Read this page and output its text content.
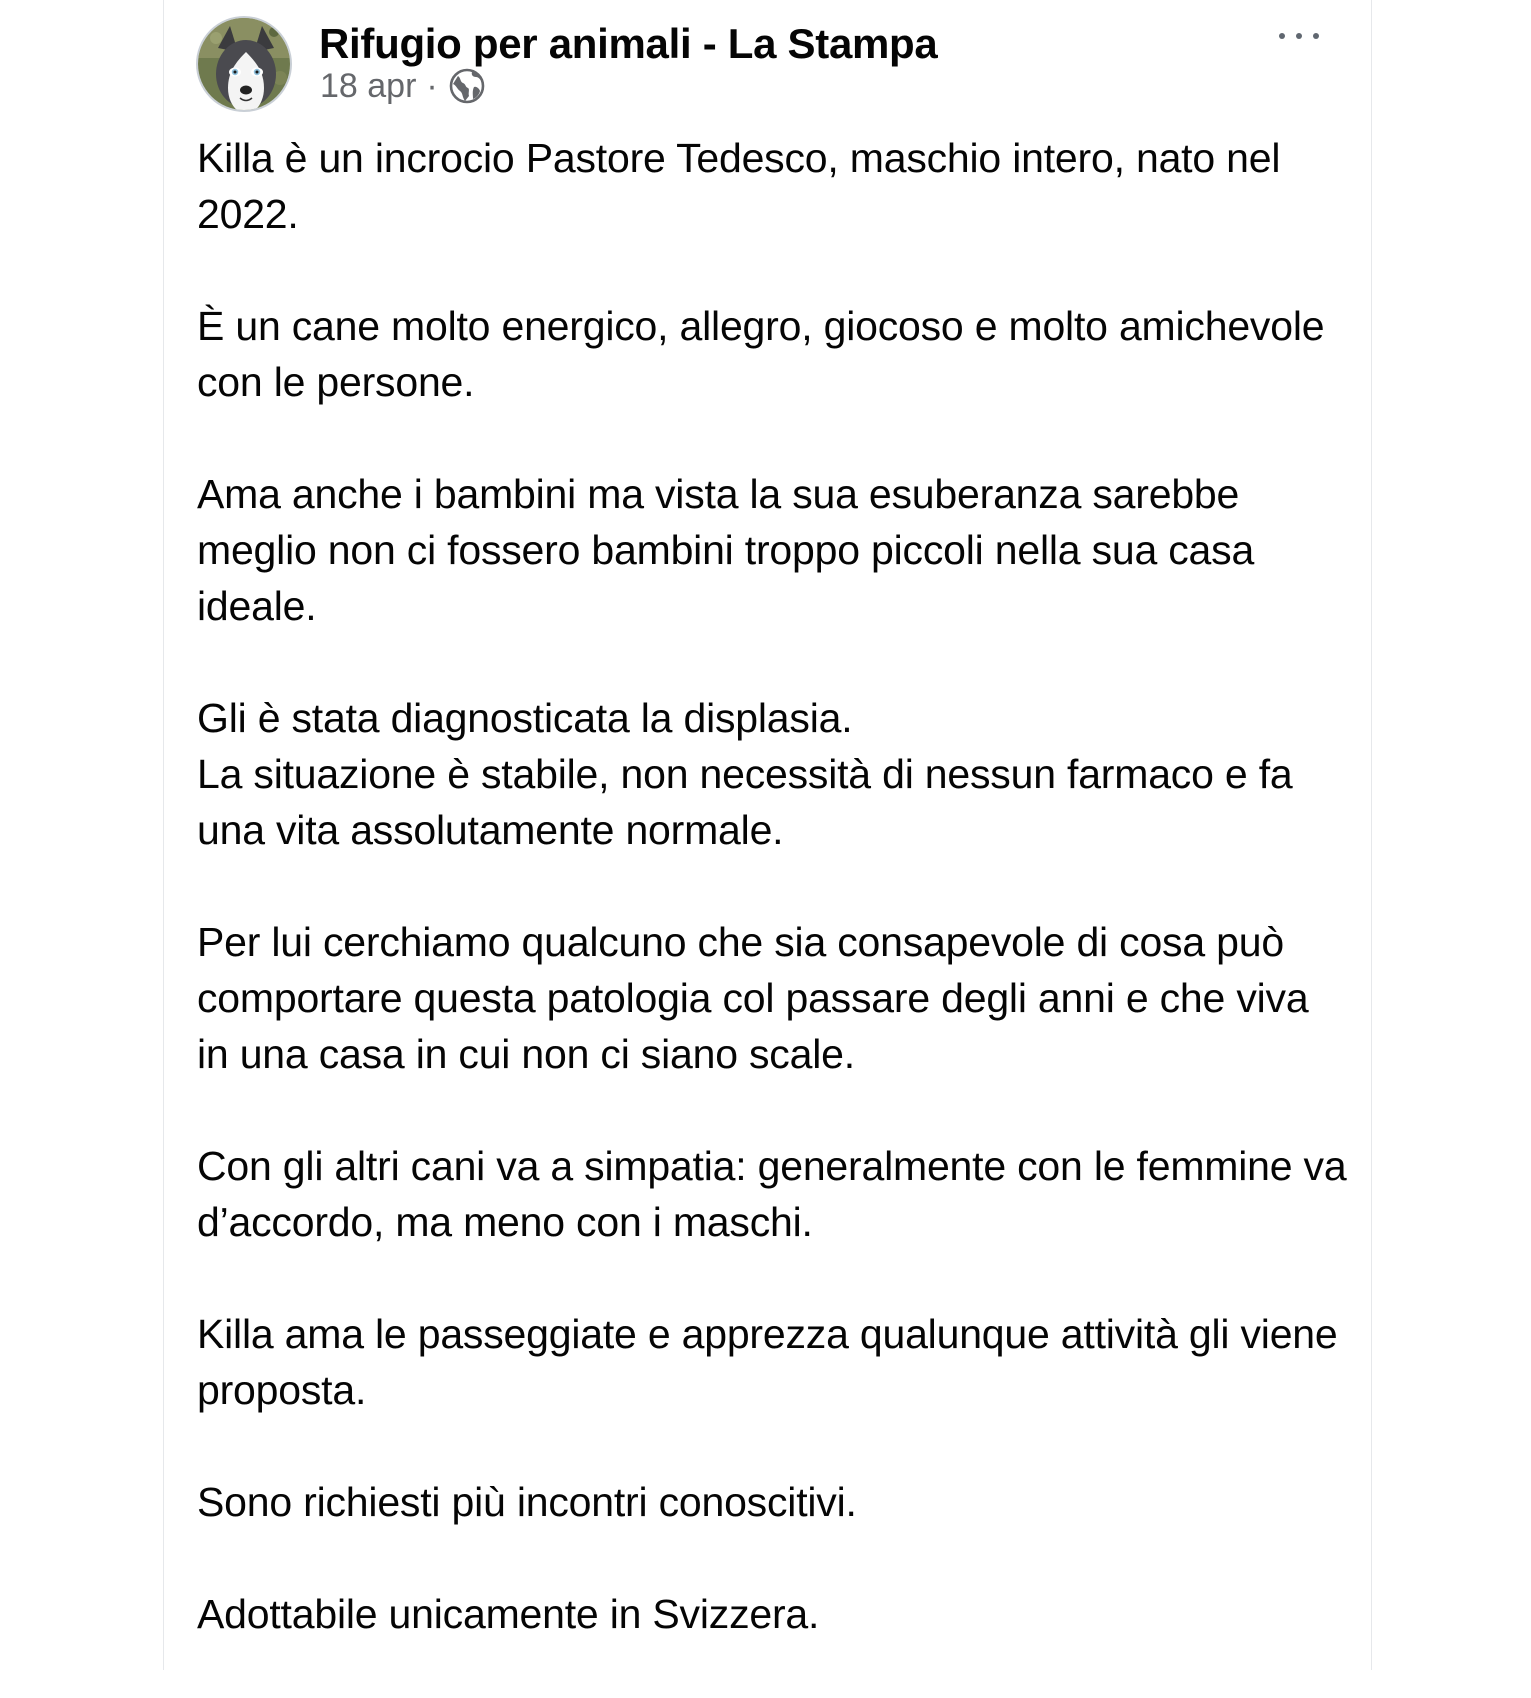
Rifugio per animali - La Stampa
18 apr ·

Killa è un incrocio Pastore Tedesco, maschio intero, nato nel 2022.

È un cane molto energico, allegro, giocoso e molto amichevole con le persone.

Ama anche i bambini ma vista la sua esuberanza sarebbe meglio non ci fossero bambini troppo piccoli nella sua casa ideale.

Gli è stata diagnosticata la displasia.
La situazione è stabile, non necessità di nessun farmaco e fa una vita assolutamente normale.

Per lui cerchiamo qualcuno che sia consapevole di cosa può comportare questa patologia col passare degli anni e che viva in una casa in cui non ci siano scale.

Con gli altri cani va a simpatia: generalmente con le femmine va d’accordo, ma meno con i maschi.

Killa ama le passeggiate e apprezza qualunque attività gli viene proposta.

Sono richiesti più incontri conoscitivi.

Adottabile unicamente in Svizzera.
